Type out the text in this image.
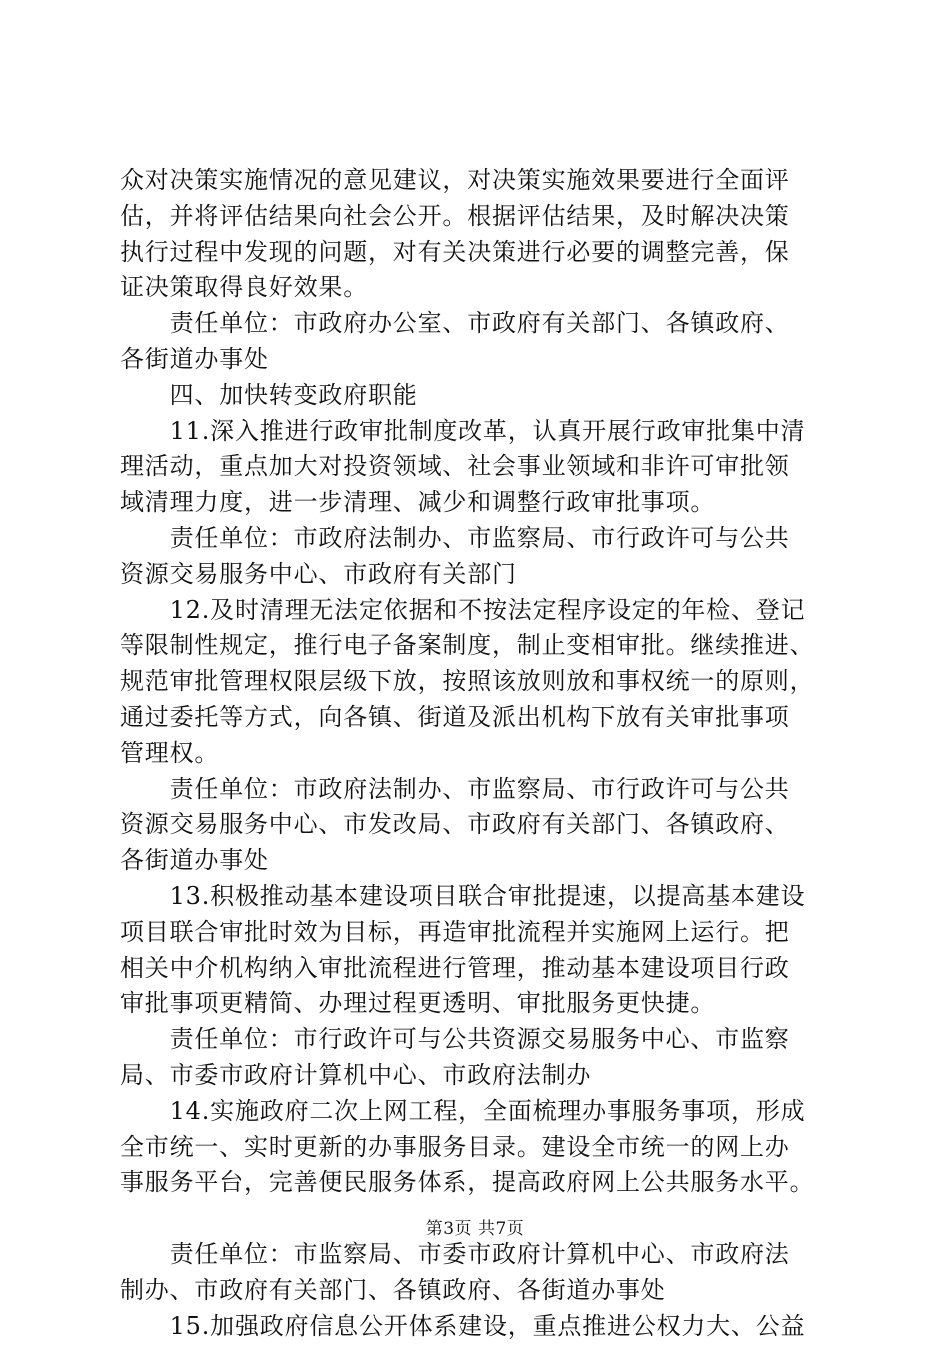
众对决策实施情况的意见建议，对决策实施效果要进行全面评
估，并将评估结果向社会公开。根据评估结果，及时解决决策
执行过程中发现的问题，对有关决策进行必要的调整完善，保
证决策取得良好效果。
　　责任单位：市政府办公室、市政府有关部门、各镇政府、
各街道办事处
　　四、加快转变政府职能
　　11.深入推进行政审批制度改革，认真开展行政审批集中清
理活动，重点加大对投资领域、社会事业领域和非许可审批领
域清理力度，进一步清理、减少和调整行政审批事项。
　　责任单位：市政府法制办、市监察局、市行政许可与公共
资源交易服务中心、市政府有关部门
　　12.及时清理无法定依据和不按法定程序设定的年检、登记
等限制性规定，推行电子备案制度，制止变相审批。继续推进、
规范审批管理权限层级下放，按照该放则放和事权统一的原则，
通过委托等方式，向各镇、街道及派出机构下放有关审批事项
管理权。
　　责任单位：市政府法制办、市监察局、市行政许可与公共
资源交易服务中心、市发改局、市政府有关部门、各镇政府、
各街道办事处
　　13.积极推动基本建设项目联合审批提速，以提高基本建设
项目联合审批时效为目标，再造审批流程并实施网上运行。把
相关中介机构纳入审批流程进行管理，推动基本建设项目行政
审批事项更精简、办理过程更透明、审批服务更快捷。
　　责任单位：市行政许可与公共资源交易服务中心、市监察
局、市委市政府计算机中心、市政府法制办
　　14.实施政府二次上网工程，全面梳理办事服务事项，形成
全市统一、实时更新的办事服务目录。建设全市统一的网上办
事服务平台，完善便民服务体系，提高政府网上公共服务水平。
　　责任单位：市监察局、市委市政府计算机中心、市政府法
制办、市政府有关部门、各镇政府、各街道办事处
　　15.加强政府信息公开体系建设，重点推进公权力大、公益
第3页 共7页
